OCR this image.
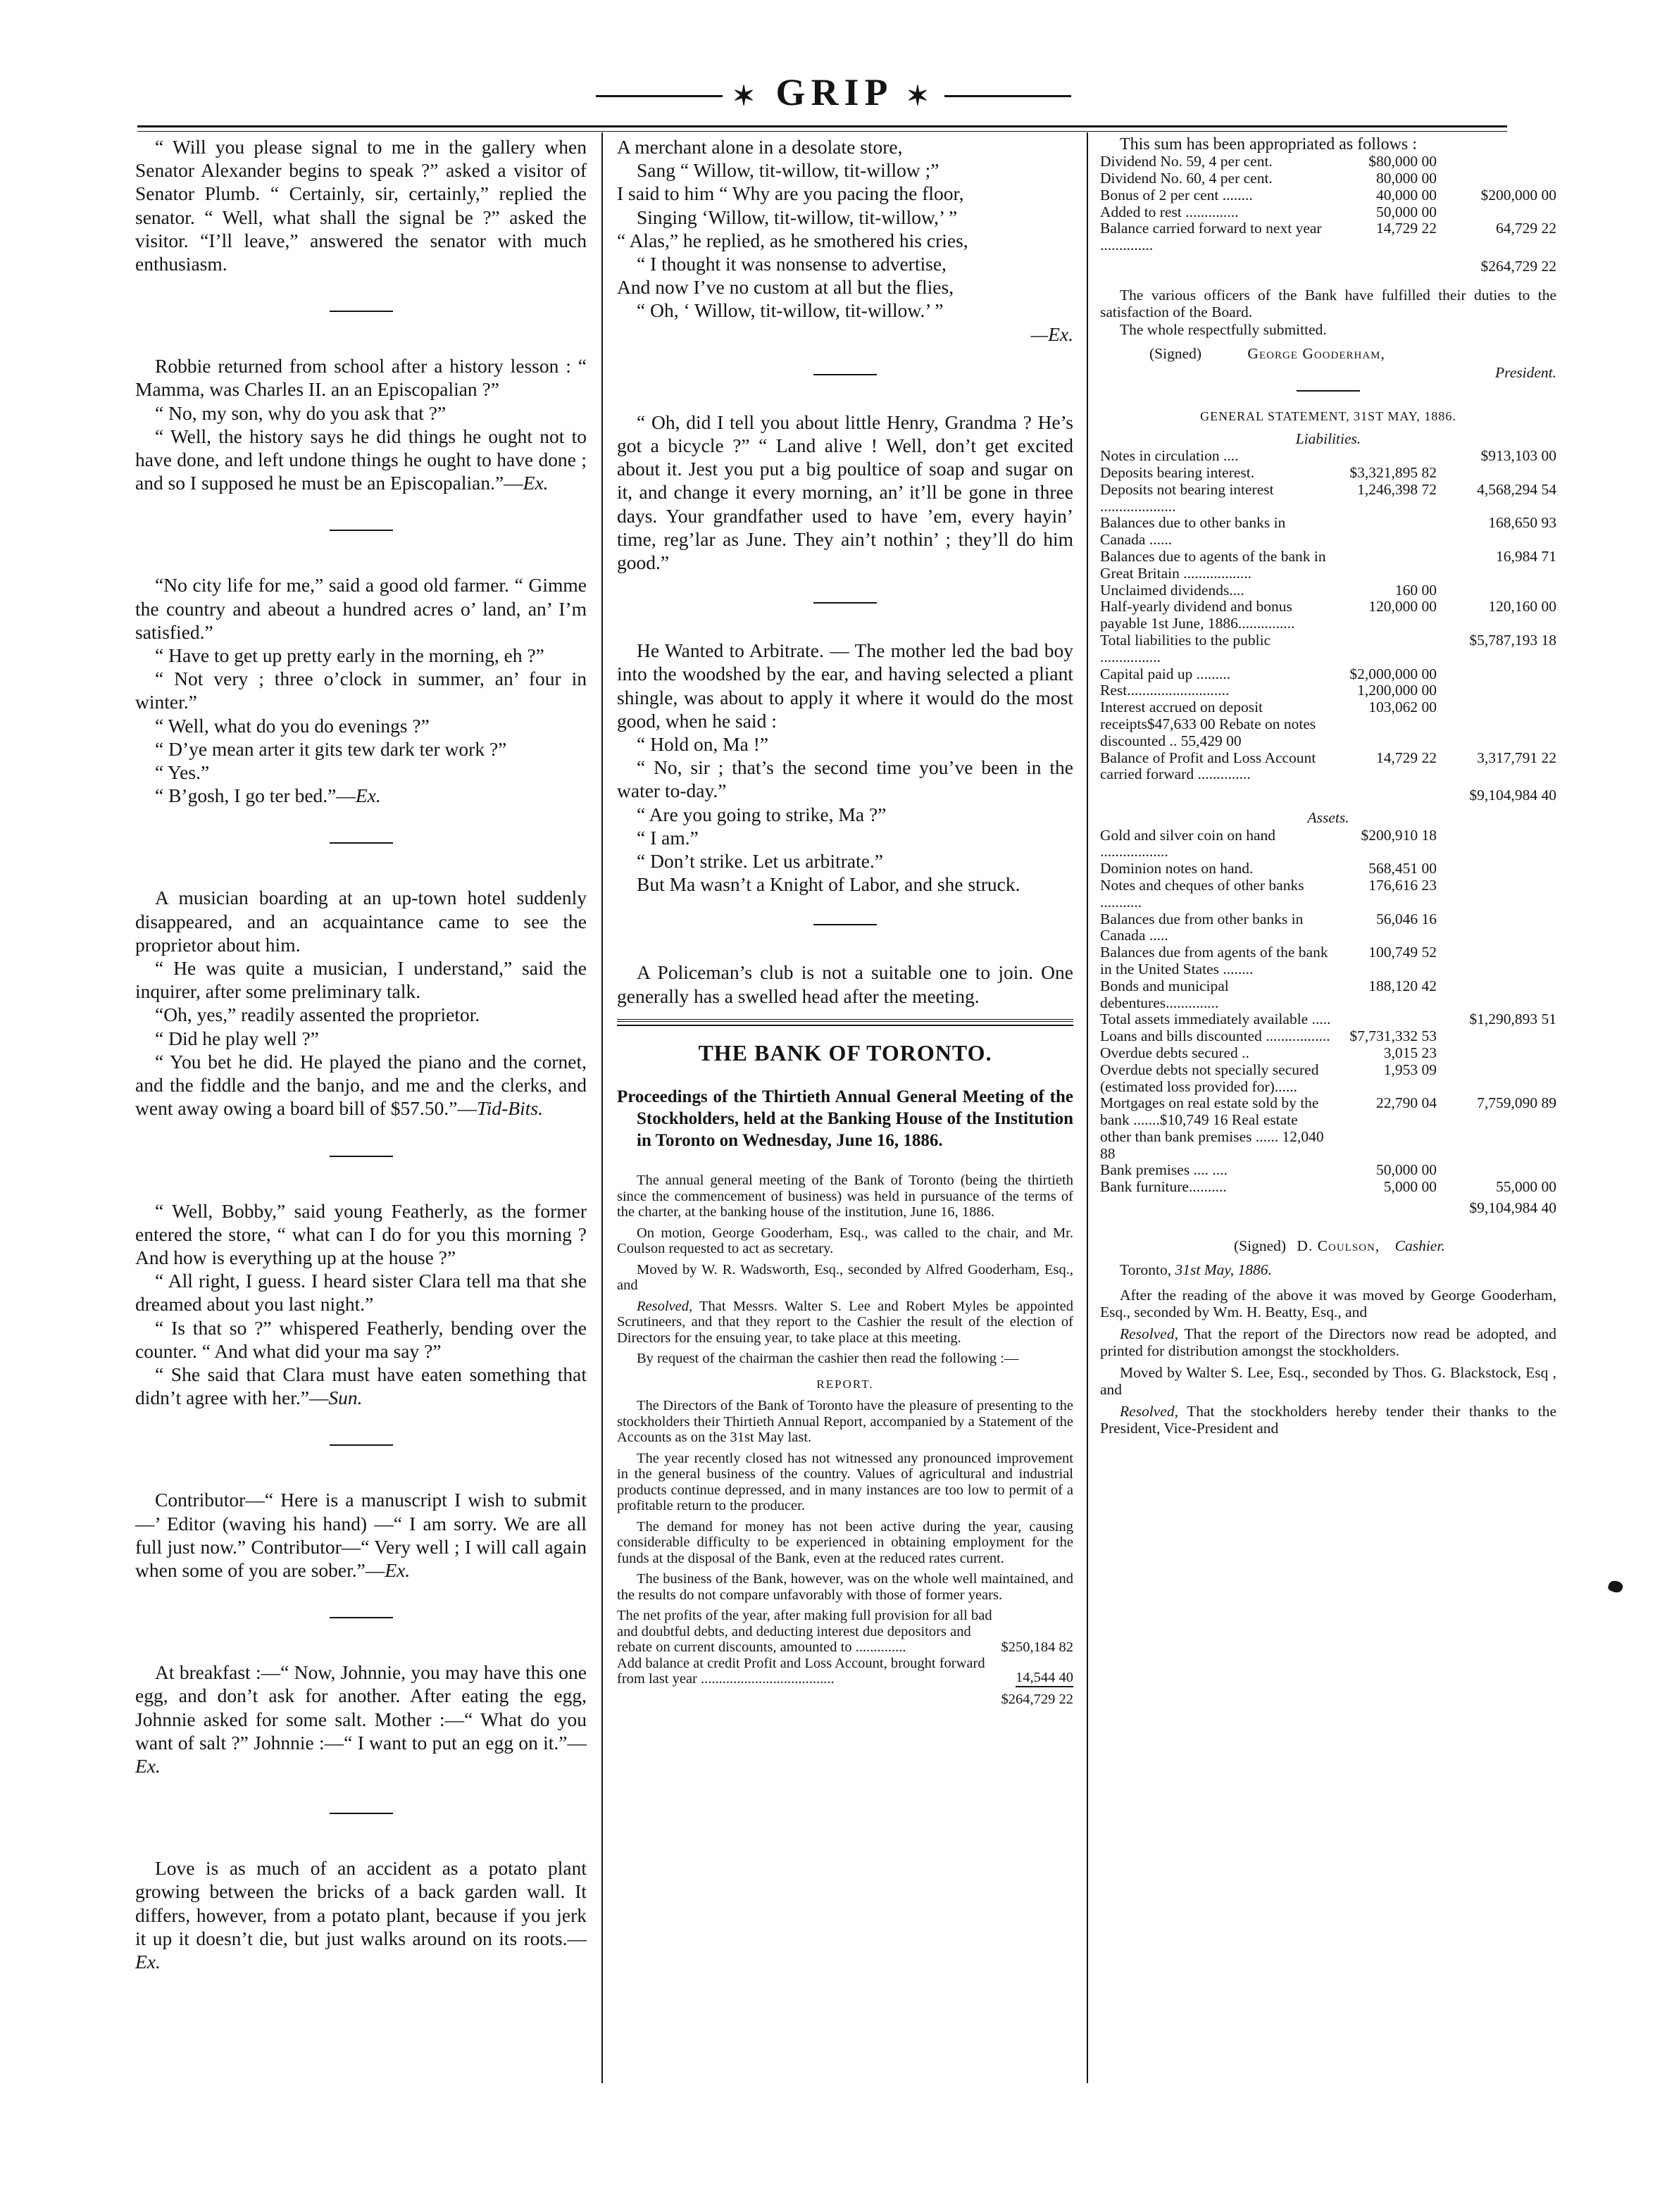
✶ GRIP ✶

“ Will you please signal to me in the gallery when Senator Alexander begins to speak ?” asked a visitor of Senator Plumb. “ Certainly, sir, certainly,” replied the senator. “ Well, what shall the signal be ?” asked the visitor. “I’ll leave,” answered the senator with much enthusiasm.

Robbie returned from school after a history lesson : “ Mamma, was Charles II. an an Episcopalian ?”

“ No, my son, why do you ask that ?”

“ Well, the history says he did things he ought not to have done, and left undone things he ought to have done ; and so I supposed he must be an Episcopalian.”—Ex.

“No city life for me,” said a good old farmer. “ Gimme the country and abeout a hundred acres o’ land, an’ I’m satisfied.”

“ Have to get up pretty early in the morning, eh ?”

“ Not very ; three o’clock in summer, an’ four in winter.”

“ Well, what do you do evenings ?”

“ D’ye mean arter it gits tew dark ter work ?”

“ Yes.”

“ B’gosh, I go ter bed.”—Ex.

A musician boarding at an up-town hotel suddenly disappeared, and an acquaintance came to see the proprietor about him.

“ He was quite a musician, I understand,” said the inquirer, after some preliminary talk.

“Oh, yes,” readily assented the proprietor.

“ Did he play well ?”

“ You bet he did. He played the piano and the cornet, and the fiddle and the banjo, and me and the clerks, and went away owing a board bill of $57.50.”—Tid-Bits.

“ Well, Bobby,” said young Featherly, as the former entered the store, “ what can I do for you this morning ? And how is everything up at the house ?”

“ All right, I guess. I heard sister Clara tell ma that she dreamed about you last night.”

“ Is that so ?” whispered Featherly, bending over the counter. “ And what did your ma say ?”

“ She said that Clara must have eaten something that didn’t agree with her.”—Sun.

Contributor—“ Here is a manuscript I wish to submit—’ Editor (waving his hand) —“ I am sorry. We are all full just now.” Contributor—“ Very well ; I will call again when some of you are sober.”—Ex.

At breakfast :—“ Now, Johnnie, you may have this one egg, and don’t ask for another. After eating the egg, Johnnie asked for some salt. Mother :—“ What do you want of salt ?” Johnnie :—“ I want to put an egg on it.”—Ex.

Love is as much of an accident as a potato plant growing between the bricks of a back garden wall. It differs, however, from a potato plant, because if you jerk it up it doesn’t die, but just walks around on its roots.—Ex.

A merchant alone in a desolate store,
Sang “ Willow, tit-willow, tit-willow ;”
I said to him “ Why are you pacing the floor,
Singing ‘Willow, tit-willow, tit-willow,’ ”
“ Alas,” he replied, as he smothered his cries,
“ I thought it was nonsense to advertise,
And now I’ve no custom at all but the flies,
“ Oh, ‘ Willow, tit-willow, tit-willow.’ ”
—Ex.

“ Oh, did I tell you about little Henry, Grandma ? He’s got a bicycle ?” “ Land alive ! Well, don’t get excited about it. Jest you put a big poultice of soap and sugar on it, and change it every morning, an’ it’ll be gone in three days. Your grandfather used to have ’em, every hayin’ time, reg’lar as June. They ain’t nothin’ ; they’ll do him good.”

He Wanted to Arbitrate. — The mother led the bad boy into the woodshed by the ear, and having selected a pliant shingle, was about to apply it where it would do the most good, when he said :

“ Hold on, Ma !”

“ No, sir ; that’s the second time you’ve been in the water to-day.”

“ Are you going to strike, Ma ?”

“ I am.”

“ Don’t strike. Let us arbitrate.”

But Ma wasn’t a Knight of Labor, and she struck.

A Policeman’s club is not a suitable one to join. One generally has a swelled head after the meeting.

THE BANK OF TORONTO.

Proceedings of the Thirtieth Annual General Meeting of the Stockholders, held at the Banking House of the Institution in Toronto on Wednesday, June 16, 1886.

The annual general meeting of the Bank of Toronto (being the thirtieth since the commencement of business) was held in pursuance of the terms of the charter, at the banking house of the institution, June 16, 1886.

On motion, George Gooderham, Esq., was called to the chair, and Mr. Coulson requested to act as secretary.

Moved by W. R. Wadsworth, Esq., seconded by Alfred Gooderham, Esq., and

Resolved, That Messrs. Walter S. Lee and Robert Myles be appointed Scrutineers, and that they report to the Cashier the result of the election of Directors for the ensuing year, to take place at this meeting.

By request of the chairman the cashier then read the following :—

REPORT.

The Directors of the Bank of Toronto have the pleasure of presenting to the stockholders their Thirtieth Annual Report, accompanied by a Statement of the Accounts as on the 31st May last.

The year recently closed has not witnessed any pronounced improvement in the general business of the country. Values of agricultural and industrial products continue depressed, and in many instances are too low to permit of a profitable return to the producer.

The demand for money has not been active during the year, causing considerable difficulty to be experienced in obtaining employment for the funds at the disposal of the Bank, even at the reduced rates current.

The business of the Bank, however, was on the whole well maintained, and the results do not compare unfavorably with those of former years.

The net profits of the year, after making full provision for all bad and doubtful debts, and deducting interest due depositors and rebate on current discounts, amounted to ..............	$250,184 82
Add balance at credit Profit and Loss Account, brought forward from last year .....................................	14,544 40
$264,729 22

This sum has been appropriated as follows :

Dividend No. 59, 4 per cent.	$80,000 00	
Dividend No. 60, 4 per cent.	80,000 00	
Bonus of 2 per cent ........	40,000 00	$200,000 00
Added to rest ..............	50,000 00	
Balance carried forward to next year ..............	14,729 22	64,729 22
$264,729 22

The various officers of the Bank have fulfilled their duties to the satisfaction of the Board.

The whole respectfully submitted.

(Signed)	George Gooderham,
President.
GENERAL STATEMENT, 31ST MAY, 1886.
Liabilities.
Notes in circulation ....		$913,103 00
Deposits bearing interest.	$3,321,895 82	
Deposits not bearing interest ....................	1,246,398 72	4,568,294 54
Balances due to other banks in Canada ......		168,650 93
Balances due to agents of the bank in Great Britain ..................		16,984 71
Unclaimed dividends....	160 00	
Half-yearly dividend and bonus payable 1st June, 1886...............	120,000 00	120,160 00
Total liabilities to the public ................		$5,787,193 18
Capital paid up .........	$2,000,000 00	
Rest...........................	1,200,000 00	
Interest accrued on deposit receipts$47,633 00 Rebate on notes discounted .. 55,429 00	103,062 00	
Balance of Profit and Loss Account carried forward ..............	14,729 22	3,317,791 22
$9,104,984 40
Assets.
Gold and silver coin on hand ..................	$200,910 18	
Dominion notes on hand.	568,451 00	
Notes and cheques of other banks ...........	176,616 23	
Balances due from other banks in Canada .....	56,046 16	
Balances due from agents of the bank in the United States ........	100,749 52	
Bonds and municipal debentures..............	188,120 42	
Total assets immediately available .....		$1,290,893 51
Loans and bills discounted .................	$7,731,332 53	
Overdue debts secured ..	3,015 23	
Overdue debts not specially secured (estimated loss provided for)......	1,953 09	
Mortgages on real estate sold by the bank .......$10,749 16 Real estate other than bank premises ...... 12,040 88	22,790 04	7,759,090 89
Bank premises .... ....	50,000 00	
Bank furniture..........	5,000 00	55,000 00
$9,104,984 40
(Signed) D. Coulson, Cashier.
Toronto, 31st May, 1886.

After the reading of the above it was moved by George Gooderham, Esq., seconded by Wm. H. Beatty, Esq., and

Resolved, That the report of the Directors now read be adopted, and printed for distribution amongst the stockholders.

Moved by Walter S. Lee, Esq., seconded by Thos. G. Blackstock, Esq , and

Resolved, That the stockholders hereby tender their thanks to the President, Vice-President and
